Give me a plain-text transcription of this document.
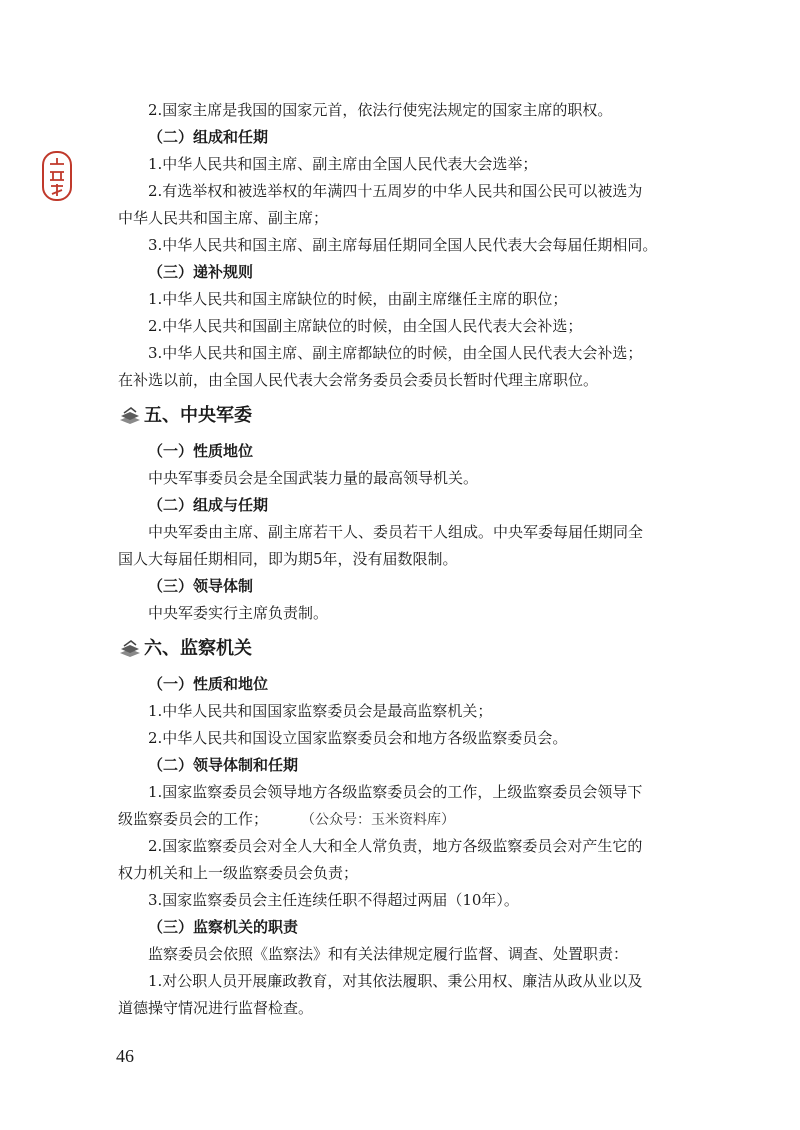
2.国家主席是我国的国家元首，依法行使宪法规定的国家主席的职权。

（二）组成和任期

1.中华人民共和国主席、副主席由全国人民代表大会选举；

2.有选举权和被选举权的年满四十五周岁的中华人民共和国公民可以被选为

中华人民共和国主席、副主席；

3.中华人民共和国主席、副主席每届任期同全国人民代表大会每届任期相同。

（三）递补规则

1.中华人民共和国主席缺位的时候，由副主席继任主席的职位；

2.中华人民共和国副主席缺位的时候，由全国人民代表大会补选；

3.中华人民共和国主席、副主席都缺位的时候，由全国人民代表大会补选；

在补选以前，由全国人民代表大会常务委员会委员长暂时代理主席职位。

五、中央军委

（一）性质地位

中央军事委员会是全国武装力量的最高领导机关。

（二）组成与任期

中央军委由主席、副主席若干人、委员若干人组成。中央军委每届任期同全

国人大每届任期相同，即为期5年，没有届数限制。

（三）领导体制

中央军委实行主席负责制。

六、监察机关

（一）性质和地位

1.中华人民共和国国家监察委员会是最高监察机关；

2.中华人民共和国设立国家监察委员会和地方各级监察委员会。

（二）领导体制和任期

1.国家监察委员会领导地方各级监察委员会的工作，上级监察委员会领导下

级监察委员会的工作；	（公众号：玉米资料库）

2.国家监察委员会对全人大和全人常负责，地方各级监察委员会对产生它的

权力机关和上一级监察委员会负责；

3.国家监察委员会主任连续任职不得超过两届（10年）。

（三）监察机关的职责

监察委员会依照《监察法》和有关法律规定履行监督、调查、处置职责：

1.对公职人员开展廉政教育，对其依法履职、秉公用权、廉洁从政从业以及

道德操守情况进行监督检查。

46
